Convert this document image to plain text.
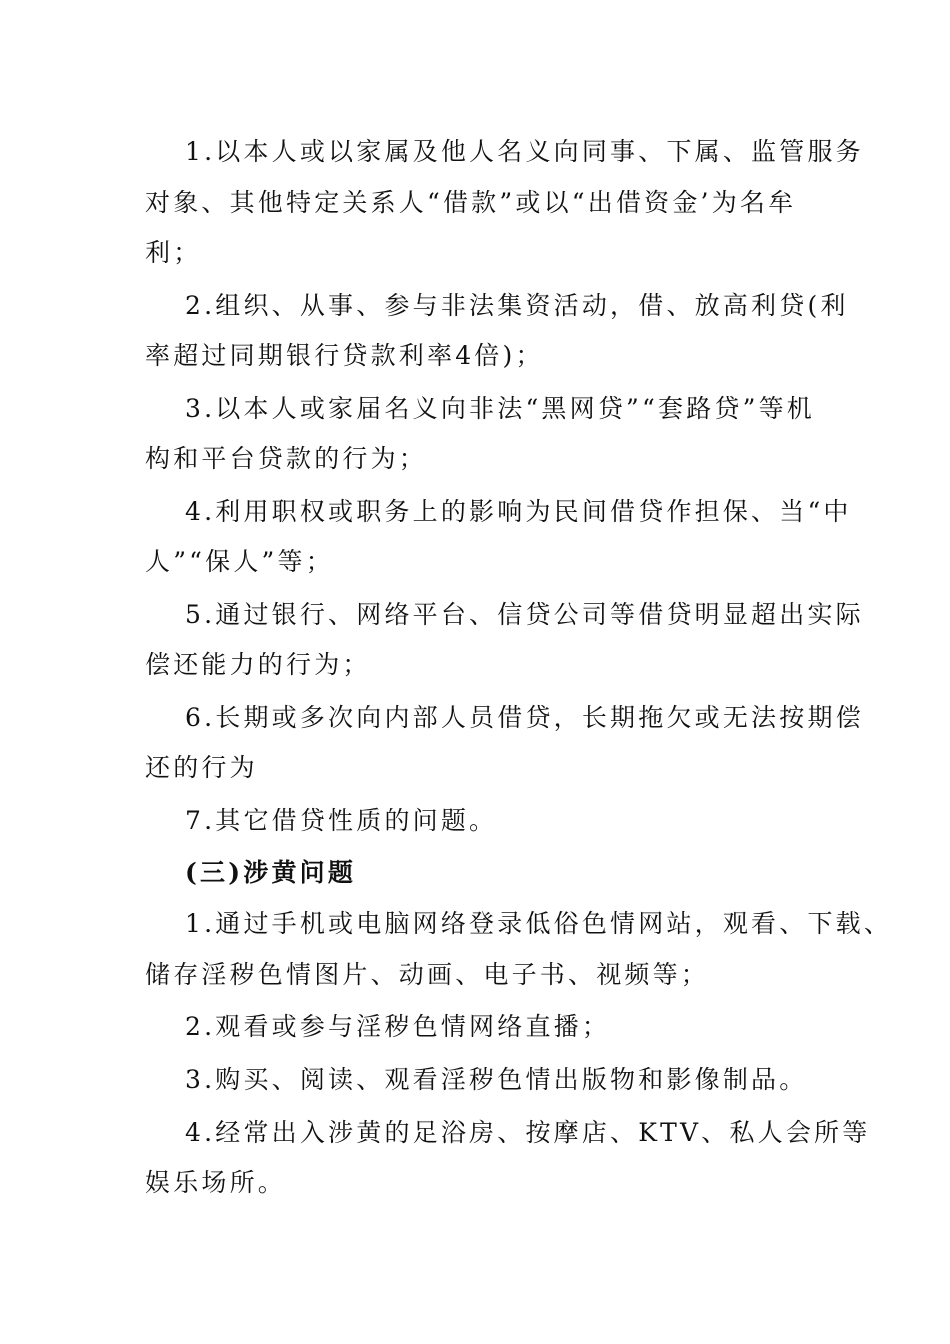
1.以本人或以家属及他人名义向同事、下属、监管服务
对象、其他特定关系人“借款”或以“出借资金’为名牟
利；
2.组织、从事、参与非法集资活动，借、放高利贷(利
率超过同期银行贷款利率4倍)；
3.以本人或家届名义向非法“黑网贷”“套路贷”等机
构和平台贷款的行为；
4.利用职权或职务上的影响为民间借贷作担保、当“中
人”“保人”等；
5.通过银行、网络平台、信贷公司等借贷明显超出实际
偿还能力的行为；
6.长期或多次向内部人员借贷，长期拖欠或无法按期偿
还的行为
7.其它借贷性质的问题。
(三)涉黄问题
1.通过手机或电脑网络登录低俗色情网站，观看、下载、
储存淫秽色情图片、动画、电子书、视频等；
2.观看或参与淫秽色情网络直播；
3.购买、阅读、观看淫秽色情出版物和影像制品。
4.经常出入涉黄的足浴房、按摩店、KTV、私人会所等
娱乐场所。
